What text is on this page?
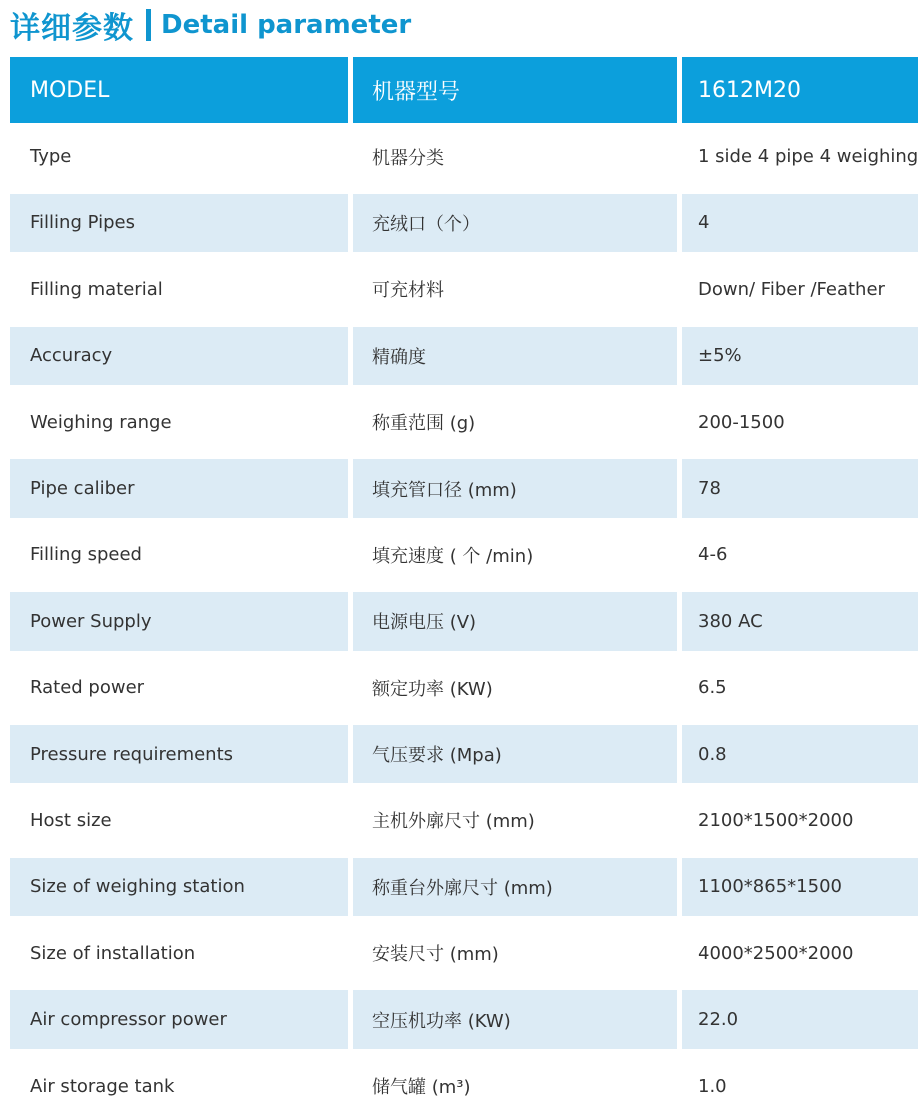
详细参数 Detail parameter
MODEL	机器型号	1612M20
Type	机器分类	1 side 4 pipe 4 weighing
Filling Pipes	充绒口（个）	4
Filling material	可充材料	Down/ Fiber /Feather
Accuracy	精确度	±5%
Weighing range	称重范围 (g)	200-1500
Pipe caliber	填充管口径 (mm)	78
Filling speed	填充速度 ( 个 /min)	4-6
Power Supply	电源电压 (V)	380 AC
Rated power	额定功率 (KW)	6.5
Pressure requirements	气压要求 (Mpa)	0.8
Host size	主机外廓尺寸 (mm)	2100*1500*2000
Size of weighing station	称重台外廓尺寸 (mm)	1100*865*1500
Size of installation	安装尺寸 (mm)	4000*2500*2000
Air compressor power	空压机功率 (KW)	22.0
Air storage tank	储气罐 (m³)	1.0
